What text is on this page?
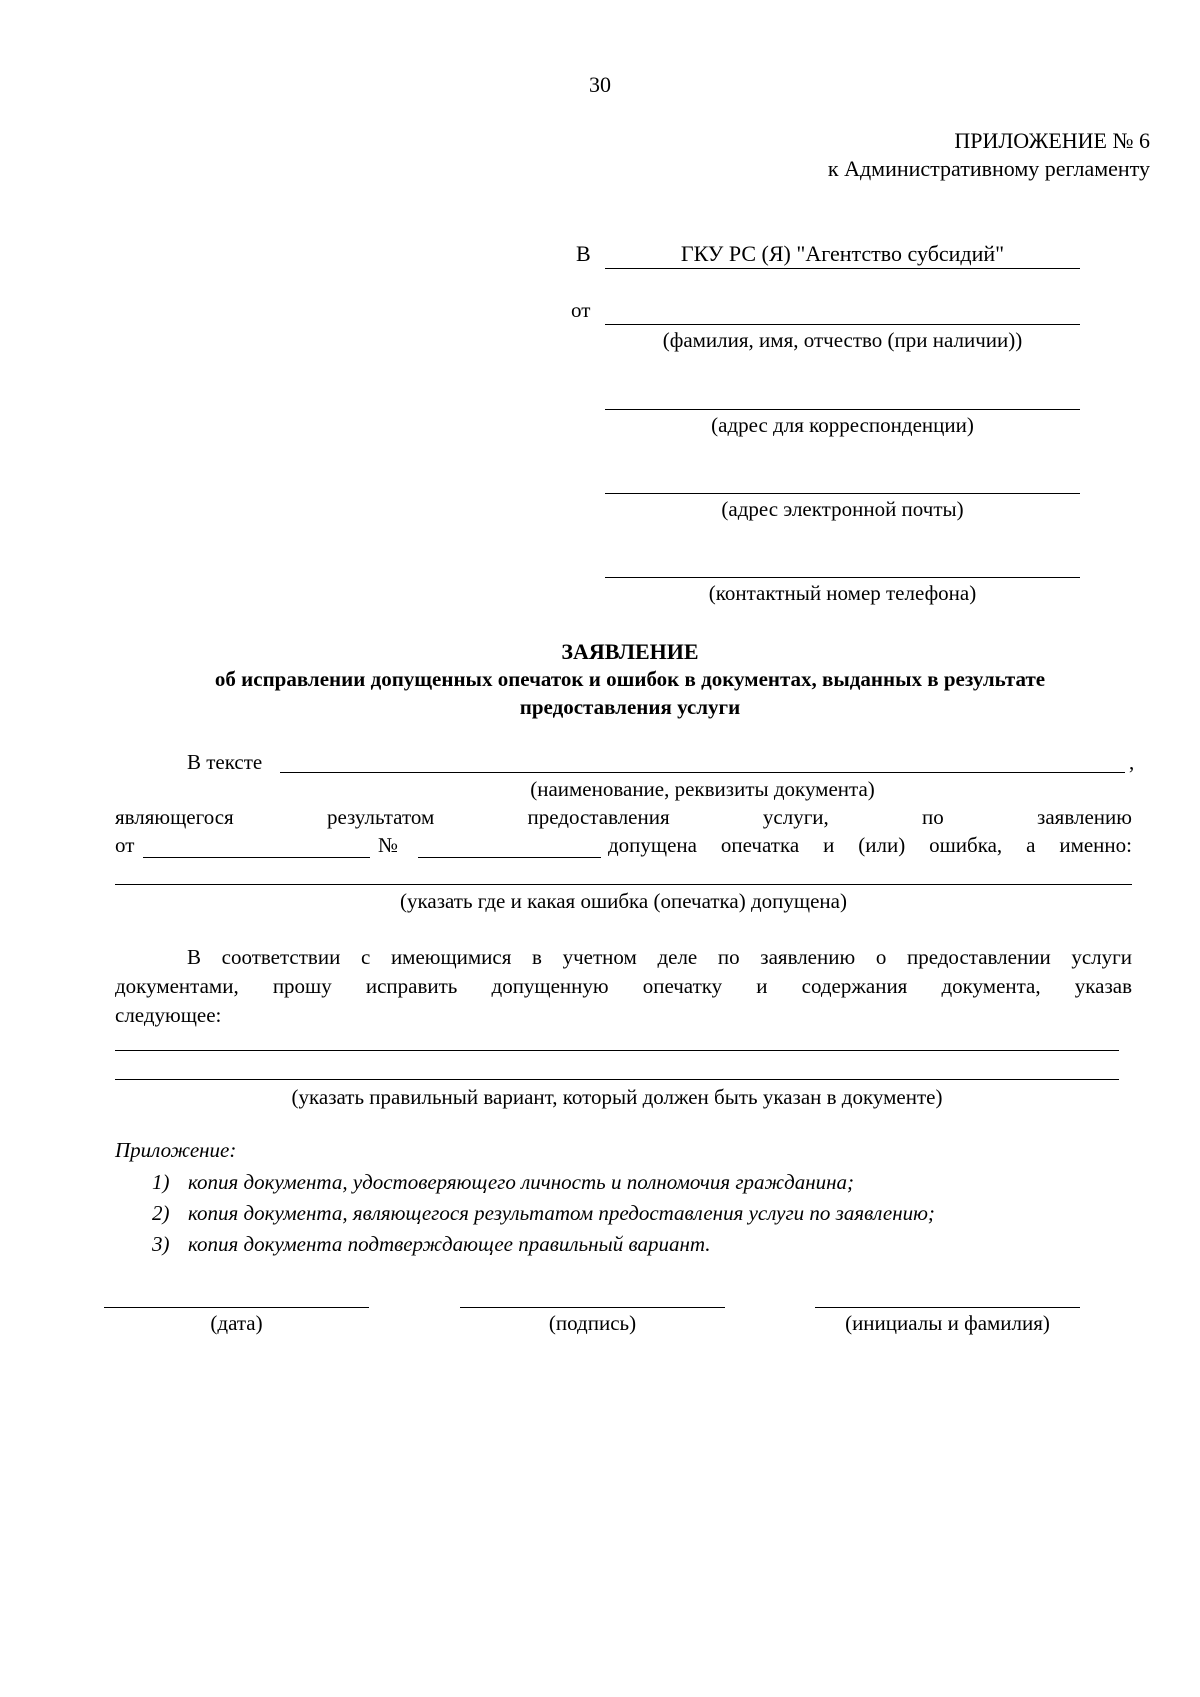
30
ПРИЛОЖЕНИЕ № 6
к Административному регламенту
В	ГКУ РС (Я) "Агентство субсидий"
от
(фамилия, имя, отчество (при наличии))
(адрес для корреспонденции)
(адрес электронной почты)
(контактный номер телефона)
ЗАЯВЛЕНИЕ
об исправлении допущенных опечаток и ошибок в документах, выданных в результате
предоставления услуги
В тексте	,
(наименование, реквизиты документа)
являющегося	результатом	предоставления	услуги,	по	заявлению
от	№	допущена опечатка и (или) ошибка, а именно:
(указать где и какая ошибка (опечатка) допущена)
В соответствии с имеющимися в учетном деле по заявлению о предоставлении услуги
документами, прошу исправить допущенную опечатку и содержания документа, указав
следующее:
(указать правильный вариант, который должен быть указан в документе)
Приложение:
1) копия документа, удостоверяющего личность и полномочия гражданина;
2) копия документа, являющегося результатом предоставления услуги по заявлению;
3) копия документа подтверждающее правильный вариант.
(дата)	(подпись)	(инициалы и фамилия)
